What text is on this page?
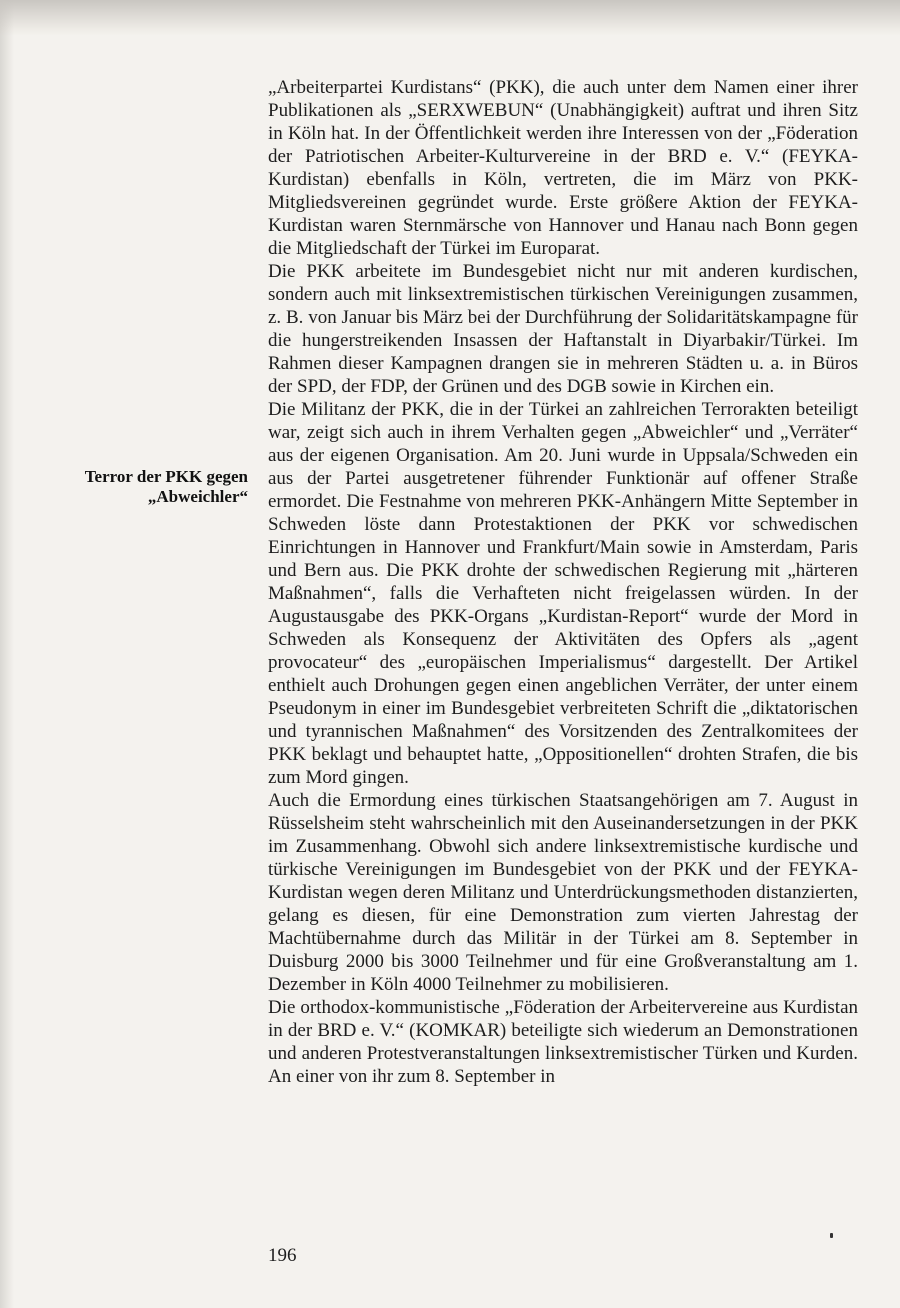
Terror der PKK gegen
„Abweichler“

„Arbeiterpartei Kurdistans“ (PKK), die auch unter dem Namen einer ihrer Publikationen als „SERXWEBUN“ (Unabhängigkeit) auftrat und ihren Sitz in Köln hat. In der Öffentlichkeit werden ihre Interessen von der „Föderation der Patriotischen Arbeiter-Kulturvereine in der BRD e. V.“ (FEYKA-Kurdistan) ebenfalls in Köln, vertreten, die im März von PKK-Mitgliedsvereinen gegründet wurde. Erste größere Aktion der FEYKA-Kurdistan waren Sternmärsche von Hannover und Hanau nach Bonn gegen die Mitgliedschaft der Türkei im Europarat.

Die PKK arbeitete im Bundesgebiet nicht nur mit anderen kurdischen, sondern auch mit linksextremistischen türkischen Vereinigungen zusammen, z. B. von Januar bis März bei der Durchführung der Solidaritätskampagne für die hungerstreikenden Insassen der Haftanstalt in Diyarbakir/Türkei. Im Rahmen dieser Kampagnen drangen sie in mehreren Städten u. a. in Büros der SPD, der FDP, der Grünen und des DGB sowie in Kirchen ein.

Die Militanz der PKK, die in der Türkei an zahlreichen Terrorakten beteiligt war, zeigt sich auch in ihrem Verhalten gegen „Abweichler“ und „Verräter“ aus der eigenen Organisation. Am 20. Juni wurde in Uppsala/Schweden ein aus der Partei ausgetretener führender Funktionär auf offener Straße ermordet. Die Festnahme von mehreren PKK-Anhängern Mitte September in Schweden löste dann Protestaktionen der PKK vor schwedischen Einrichtungen in Hannover und Frankfurt/Main sowie in Amsterdam, Paris und Bern aus. Die PKK drohte der schwedischen Regierung mit „härteren Maßnahmen“, falls die Verhafteten nicht freigelassen würden. In der Augustausgabe des PKK-Organs „Kurdistan-Report“ wurde der Mord in Schweden als Konsequenz der Aktivitäten des Opfers als „agent provocateur“ des „europäischen Imperialismus“ dargestellt. Der Artikel enthielt auch Drohungen gegen einen angeblichen Verräter, der unter einem Pseudonym in einer im Bundesgebiet verbreiteten Schrift die „diktatorischen und tyrannischen Maßnahmen“ des Vorsitzenden des Zentralkomitees der PKK beklagt und behauptet hatte, „Oppositionellen“ drohten Strafen, die bis zum Mord gingen.

Auch die Ermordung eines türkischen Staatsangehörigen am 7. August in Rüsselsheim steht wahrscheinlich mit den Auseinandersetzungen in der PKK im Zusammenhang. Obwohl sich andere linksextremistische kurdische und türkische Vereinigungen im Bundesgebiet von der PKK und der FEYKA-Kurdistan wegen deren Militanz und Unterdrückungsmethoden distanzierten, gelang es diesen, für eine Demonstration zum vierten Jahrestag der Machtübernahme durch das Militär in der Türkei am 8. September in Duisburg 2000 bis 3000 Teilnehmer und für eine Großveranstaltung am 1. Dezember in Köln 4000 Teilnehmer zu mobilisieren.

Die orthodox-kommunistische „Föderation der Arbeitervereine aus Kurdistan in der BRD e. V.“ (KOMKAR) beteiligte sich wiederum an Demonstrationen und anderen Protestveranstaltungen linksextremistischer Türken und Kurden. An einer von ihr zum 8. September in

196
